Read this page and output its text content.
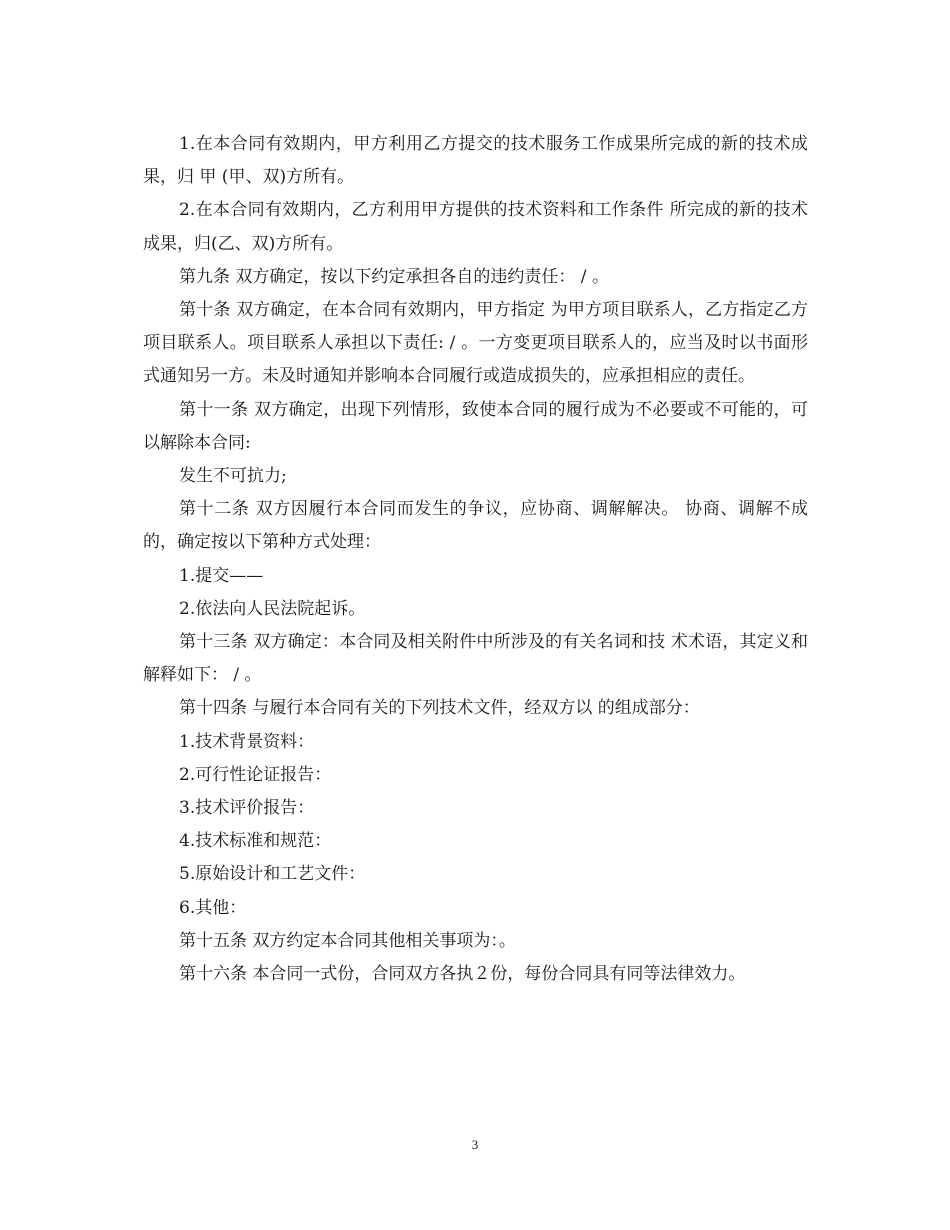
1.在本合同有效期内，甲方利用乙方提交的技术服务工作成果所完成的新的技术成果，归 甲 (甲、双)方所有。

2.在本合同有效期内，乙方利用甲方提供的技术资料和工作条件 所完成的新的技术成果，归(乙、双)方所有。

第九条 双方确定，按以下约定承担各自的违约责任： / 。

第十条 双方确定，在本合同有效期内，甲方指定 为甲方项目联系人，乙方指定乙方项目联系人。项目联系人承担以下责任: / 。一方变更项目联系人的，应当及时以书面形式通知另一方。未及时通知并影响本合同履行或造成损失的，应承担相应的责任。

第十一条 双方确定，出现下列情形，致使本合同的履行成为不必要或不可能的，可以解除本合同:

发生不可抗力;

第十二条 双方因履行本合同而发生的争议，应协商、调解解决。 协商、调解不成的，确定按以下第种方式处理：

1.提交——

2.依法向人民法院起诉。

第十三条 双方确定：本合同及相关附件中所涉及的有关名词和技 术术语，其定义和解释如下： / 。

第十四条 与履行本合同有关的下列技术文件，经双方以 的组成部分：

1.技术背景资料：

2.可行性论证报告：

3.技术评价报告：

4.技术标准和规范：

5.原始设计和工艺文件：

6.其他：

第十五条 双方约定本合同其他相关事项为：。

第十六条 本合同一式份，合同双方各执２份，每份合同具有同等法律效力。

3
